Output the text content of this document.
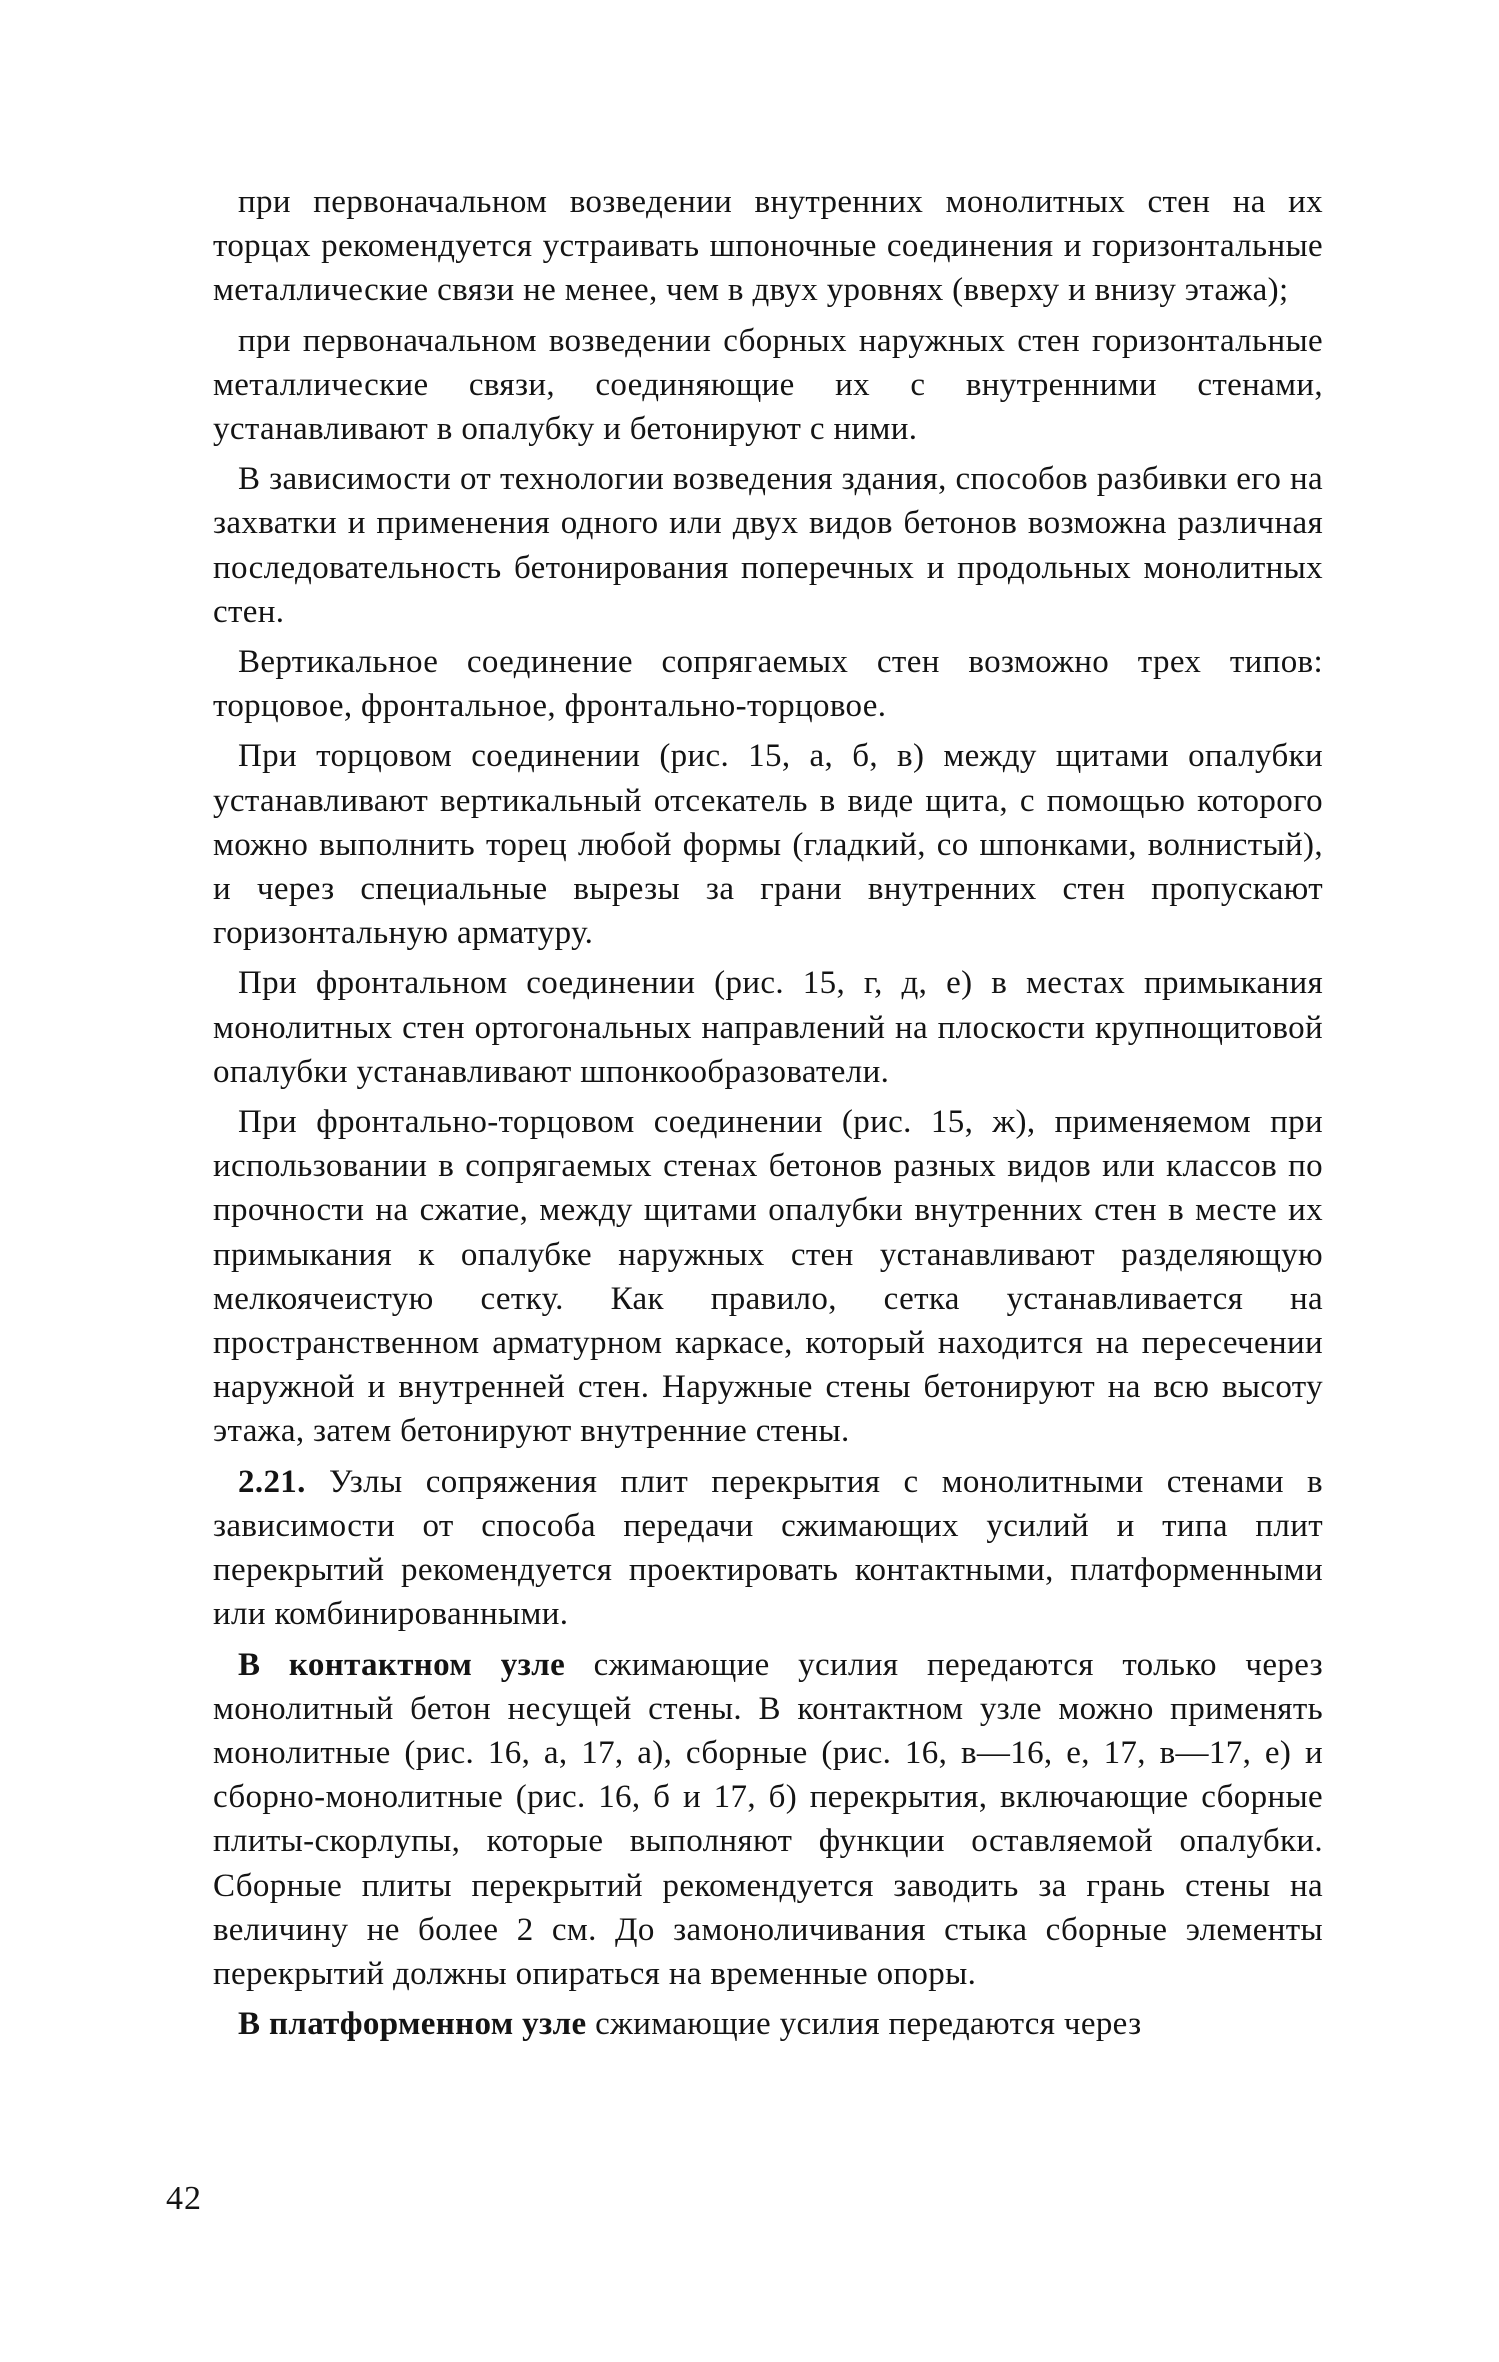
при первоначальном возведении внутренних монолитных стен на их торцах рекомендуется устраивать шпоночные соединения и горизонтальные металлические связи не менее, чем в двух уровнях (вверху и внизу этажа);

при первоначальном возведении сборных наружных стен горизонтальные металлические связи, соединяющие их с внутренними стенами, устанавливают в опалубку и бетонируют с ними.

В зависимости от технологии возведения здания, способов разбивки его на захватки и применения одного или двух видов бетонов возможна различная последовательность бетонирования поперечных и продольных монолитных стен.

Вертикальное соединение сопрягаемых стен возможно трех типов: торцовое, фронтальное, фронтально-торцовое.

При торцовом соединении (рис. 15, а, б, в) между щитами опалубки устанавливают вертикальный отсекатель в виде щита, с помощью которого можно выполнить торец любой формы (гладкий, со шпонками, волнистый), и через специальные вырезы за грани внутренних стен пропускают горизонтальную арматуру.

При фронтальном соединении (рис. 15, г, д, е) в местах примыкания монолитных стен ортогональных направлений на плоскости крупнощитовой опалубки устанавливают шпонкообразователи.

При фронтально-торцовом соединении (рис. 15, ж), применяемом при использовании в сопрягаемых стенах бетонов разных видов или классов по прочности на сжатие, между щитами опалубки внутренних стен в месте их примыкания к опалубке наружных стен устанавливают разделяющую мелкоячеистую сетку. Как правило, сетка устанавливается на пространственном арматурном каркасе, который находится на пересечении наружной и внутренней стен. Наружные стены бетонируют на всю высоту этажа, затем бетонируют внутренние стены.

2.21. Узлы сопряжения плит перекрытия с монолитными стенами в зависимости от способа передачи сжимающих усилий и типа плит перекрытий рекомендуется проектировать контактными, платформенными или комбинированными.

В контактном узле сжимающие усилия передаются только через монолитный бетон несущей стены. В контактном узле можно применять монолитные (рис. 16, а, 17, а), сборные (рис. 16, в—16, е, 17, в—17, е) и сборно-монолитные (рис. 16, б и 17, б) перекрытия, включающие сборные плиты-скорлупы, которые выполняют функции оставляемой опалубки. Сборные плиты перекрытий рекомендуется заводить за грань стены на величину не более 2 см. До замоноличивания стыка сборные элементы перекрытий должны опираться на временные опоры.

В платформенном узле сжимающие усилия передаются через

42
